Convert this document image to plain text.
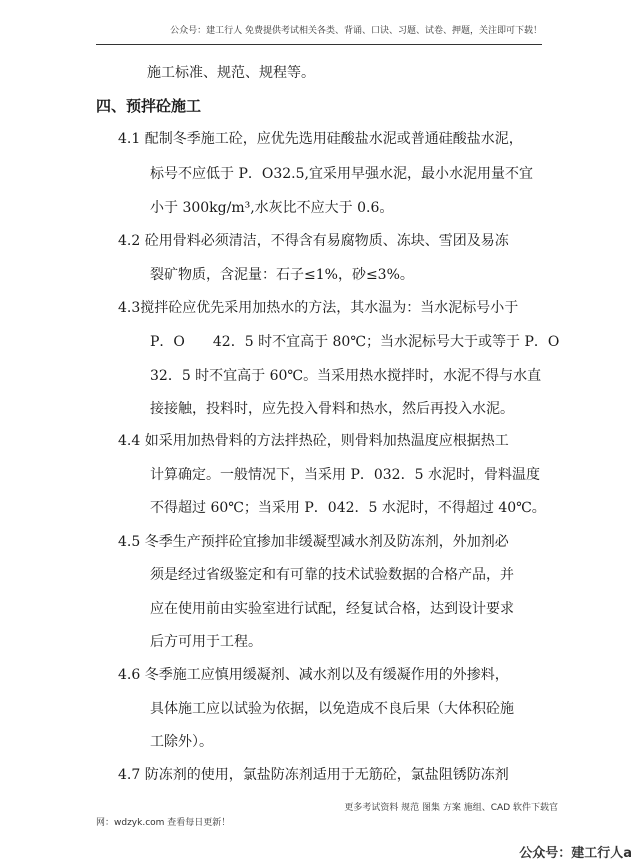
公众号：建工行人 免费提供考试相关各类、背诵、口诀、习题、试卷、押题，关注即可下载！
施工标准、规范、规程等。
四、预拌砼施工
4.1 配制冬季施工砼，应优先选用硅酸盐水泥或普通硅酸盐水泥，
标号不应低于 P．O32.5,宜采用早强水泥，最小水泥用量不宜
小于 300kg/m³,水灰比不应大于 0.6。
4.2 砼用骨料必须清洁，不得含有易腐物质、冻块、雪团及易冻
裂矿物质，含泥量：石子≤1%，砂≤3%。
4.3搅拌砼应优先采用加热水的方法，其水温为：当水泥标号小于
P．O　　42．5 时不宜高于 80℃；当水泥标号大于或等于 P．O
32．5 时不宜高于 60℃。当采用热水搅拌时，水泥不得与水直
接接触，投料时，应先投入骨料和热水，然后再投入水泥。
4.4 如采用加热骨料的方法拌热砼，则骨料加热温度应根据热工
计算确定。一般情况下，当采用 P．032．5 水泥时，骨料温度
不得超过 60℃；当采用 P．042．5 水泥时，不得超过 40℃。
4.5 冬季生产预拌砼宜掺加非缓凝型减水剂及防冻剂，外加剂必
须是经过省级鉴定和有可靠的技术试验数据的合格产品，并
应在使用前由实验室进行试配，经复试合格，达到设计要求
后方可用于工程。
4.6 冬季施工应慎用缓凝剂、减水剂以及有缓凝作用的外掺料，
具体施工应以试验为依据，以免造成不良后果（大体积砼施
工除外）。
4.7 防冻剂的使用，氯盐防冻剂适用于无筋砼，氯盐阻锈防冻剂
更多考试资料 规范 图集 方案 施组、CAD 软件下载官
网：wdzyk.com 查看每日更新！
公众号：建工行人a
